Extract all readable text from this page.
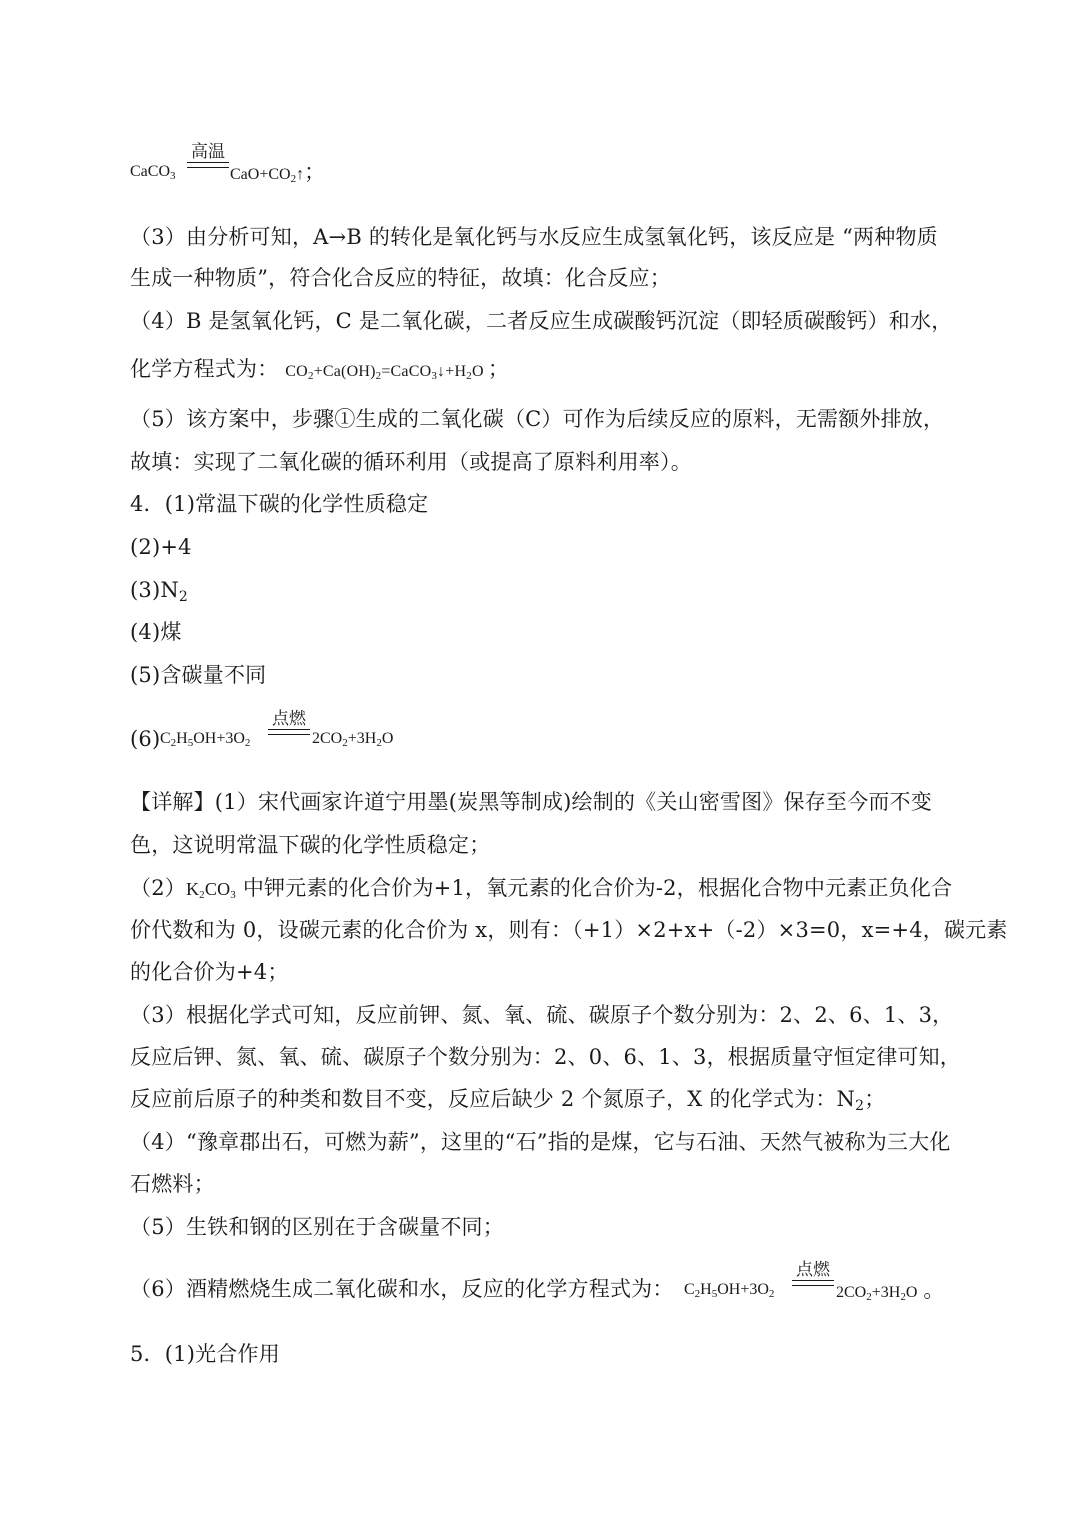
CaCO$_3$
高温
$CaO+CO_2↑$；
（3）由分析可知，A→B 的转化是氧化钙与水反应生成氢氧化钙，该反应是 “两种物质
生成一种物质”，符合化合反应的特征，故填：化合反应；
（4）B 是氢氧化钙，C 是二氧化碳，二者反应生成碳酸钙沉淀（即轻质碳酸钙）和水，
化学方程式为： $CO_2+Ca(OH)_2=CaCO_3↓+H_2O$ ；
（5）该方案中，步骤①生成的二氧化碳（C）可作为后续反应的原料，无需额外排放，
故填：实现了二氧化碳的循环利用（或提高了原料利用率）。
4．(1)常温下碳的化学性质稳定
(2)+4
$(3)N_2$
(4)煤
(5)含碳量不同
(6) $C_2H_5OH+3O_2$
点燃
$2CO_2+3H_2O$
【详解】(1）宋代画家许道宁用墨(炭黑等制成)绘制的《关山密雪图》保存至今而不变
色，这说明常温下碳的化学性质稳定；
$(2)K_2CO_3$ 中钾元素的化合价为+1，氧元素的化合价为-2，根据化合物中元素正负化合
价代数和为 0，设碳元素的化合价为 x，则有：（+1）×2+x+（-2）×3=0，x=+4，碳元素
的化合价为+4；
（3）根据化学式可知，反应前钾、氮、氧、硫、碳原子个数分别为：2、2、6、1、3，
反应后钾、氮、氧、硫、碳原子个数分别为：2、0、6、1、3，根据质量守恒定律可知，
反应前后原子的种类和数目不变，反应后缺少 2 个氮原子，X 的化学式为：$N_2$；
（4）“豫章郡出石，可燃为薪”，这里的“石”指的是煤，它与石油、天然气被称为三大化
石燃料；
（5）生铁和钢的区别在于含碳量不同；
（6）酒精燃烧生成二氧化碳和水，反应的化学方程式为： $C_2H_5OH+3O_2$
点燃
$2CO_2+3H_2O$ 。
5．(1)光合作用
